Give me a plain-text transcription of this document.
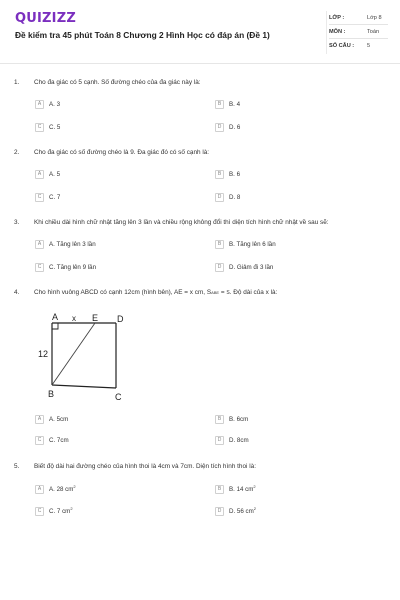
QUIZIZZ
Đề kiểm tra 45 phút Toán 8 Chương 2 Hình Học có đáp án (Đề 1)
LỚP :	Lớp 8
MÔN :	Toán
SỐ CÂU :	5
1. Cho đa giác có 5 cạnh. Số đường chéo của đa giác này là:
A	A. 3	B	B. 4
C	C. 5	D	D. 6
2. Cho đa giác có số đường chéo là 9. Đa giác đó có số cạnh là:
A	A. 5	B	B. 6
C	C. 7	D	D. 8
3. Khi chiều dài hình chữ nhật tăng lên 3 lần và chiều rộng không đổi thì diện tích hình chữ nhật về sau sẽ:
A	A. Tăng lên 3 lần	B	B. Tăng lên 6 lần
C	C. Tăng lên 9 lần	D	D. Giảm đi 3 lần
4. Cho hình vuông ABCD có cạnh 12cm (hình bên), AE = x cm, SABE = S. Độ dài của x là:
A x E D
12
B	C
A	A. 5cm	B	B. 6cm
C	C. 7cm	D	D. 8cm
5. Biết độ dài hai đường chéo của hình thoi là 4cm và 7cm. Diện tích hình thoi là:
A	A. 28 $cm^2$	B	B. 14 $cm^2$
C	C. 7 $cm^2$	D	D. 56 $cm^2$
